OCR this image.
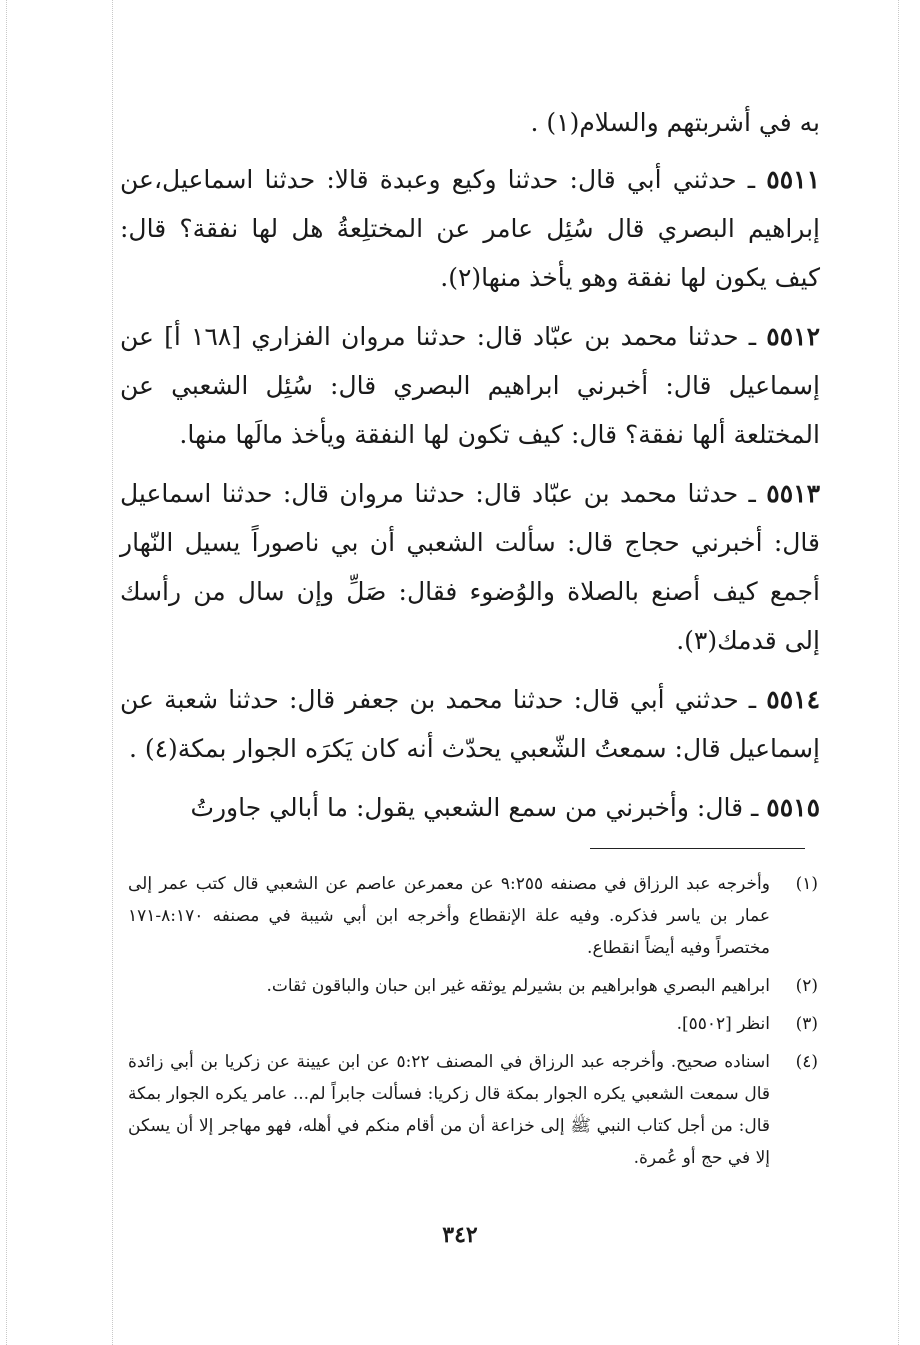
به في أشربتهم والسلام(١) .

٥٥١١ ـ حدثني أبي قال: حدثنا وكيع وعبدة قالا: حدثنا اسماعيل،عن إبراهيم البصري قال سُئِل عامر عن المختلِعةُ هل لها نفقة؟ قال: كيف يكون لها نفقة وهو يأخذ منها(٢).

٥٥١٢ ـ حدثنا محمد بن عبّاد قال: حدثنا مروان الفزاري [١٦٨ أ] عن إسماعيل قال: أخبرني ابراهيم البصري قال: سُئِل الشعبي عن المختلعة ألها نفقة؟ قال: كيف تكون لها النفقة ويأخذ مالَها منها.

٥٥١٣ ـ حدثنا محمد بن عبّاد قال: حدثنا مروان قال: حدثنا اسماعيل قال: أخبرني حجاج قال: سألت الشعبي أن بي ناصوراً يسيل النّهار أجمع كيف أصنع بالصلاة والوُضوء فقال: صَلِّ وإن سال من رأسك إلى قدمك(٣).

٥٥١٤ ـ حدثني أبي قال: حدثنا محمد بن جعفر قال: حدثنا شعبة عن إسماعيل قال: سمعتُ الشّعبي يحدّث أنه كان يَكرَه الجوار بمكة(٤) .

٥٥١٥ ـ قال: وأخبرني من سمع الشعبي يقول: ما أبالي جاورتُ

(١)
وأخرجه عبد الرزاق في مصنفه ٩:٢٥٥ عن معمرعن عاصم عن الشعبي قال كتب عمر إلى عمار بن ياسر فذكره. وفيه علة الإنقطاع وأخرجه ابن أبي شيبة في مصنفه ٨:١٧٠-١٧١ مختصراً وفيه أيضاً انقطاع.
(٢)
ابراهيم البصري هوابراهيم بن بشيرلم يوثقه غير ابن حبان والباقون ثقات.
(٣)
انظر [٥٥٠٢].
(٤)
اسناده صحيح. وأخرجه عبد الرزاق في المصنف ٥:٢٢ عن ابن عيينة عن زكريا بن أبي زائدة قال سمعت الشعبي يكره الجوار بمكة قال زكريا: فسألت جابراً لم... عامر يكره الجوار بمكة قال: من أجل كتاب النبي ﷺ إلى خزاعة أن من أقام منكم في أهله، فهو مهاجر إلا أن يسكن إلا في حج أو عُمرة.
٣٤٢
